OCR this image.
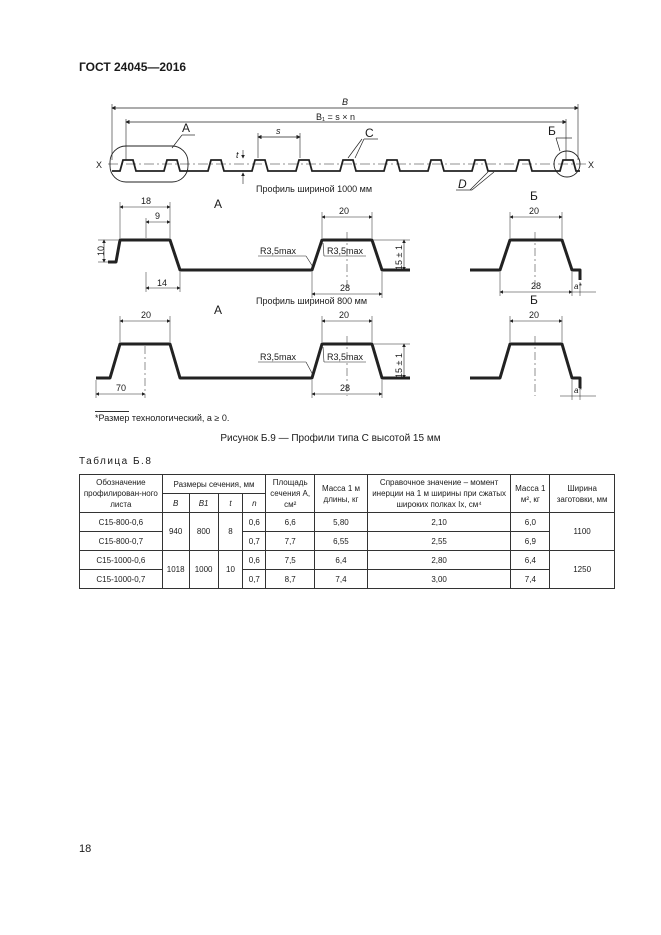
ГОСТ 24045—2016
B
B₁ = s × n
s
t
X	X
А	C	Б
D
Профиль шириной 1000 мм
А
18
9
10
14
20
28
R3,5max	R3,5max	15 ± 1
Б
20
28	a*
Профиль шириной 800 мм
А
20
70
20
28
R3,5max	R3,5max	15 ± 1
Б
20
a*
*Размер технологический, a ≥ 0.
Рисунок Б.9 — Профили типа С высотой 15 мм
Таблица Б.8
Обозначение профилирован-ного листа	Размеры сечения, мм				Площадь сечения A, см²	Масса 1 м длины, кг	Справочное значение – момент инерции на 1 м ширины при сжатых широких полках Ix, см⁴	Масса 1 м², кг	Ширина заготовки, мм
	B	B1	t	n					
С15-800-0,6	940	800	8	0,6	6,6	5,80	2,10	6,0	1100
С15-800-0,7				0,7	7,7	6,55	2,55	6,9	
С15-1000-0,6	1018	1000	10	0,6	7,5	6,4	2,80	6,4	1250
С15-1000-0,7				0,7	8,7	7,4	3,00	7,4	
18
